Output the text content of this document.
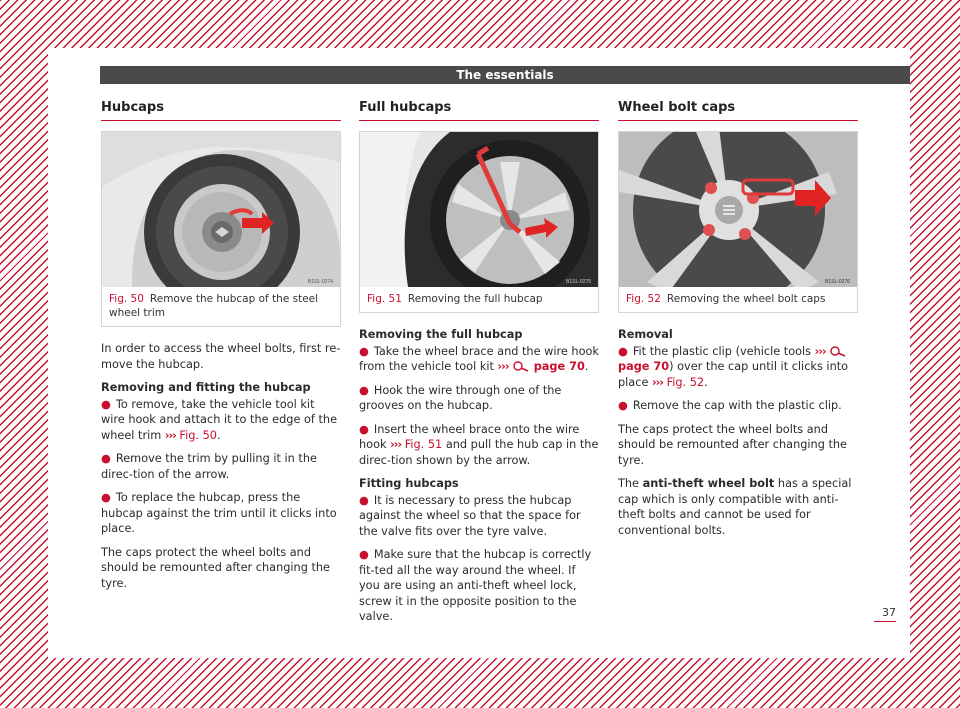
The essentials
Hubcaps
B1SL-0274
Fig. 50 Remove the hubcap of the steel wheel trim

In order to access the wheel bolts, first re-move the hubcap.

Removing and fitting the hubcap

● To remove, take the vehicle tool kit wire hook and attach it to the edge of the wheel trim ››› Fig. 50.

● Remove the trim by pulling it in the direc-tion of the arrow.

● To replace the hubcap, press the hubcap against the trim until it clicks into place.

The caps protect the wheel bolts and should be remounted after changing the tyre.

Full hubcaps
B1SL-0275
Fig. 51 Removing the full hubcap
Removing the full hubcap

● Take the wheel brace and the wire hook from the vehicle tool kit ››› page 70.

● Hook the wire through one of the grooves on the hubcap.

● Insert the wheel brace onto the wire hook ››› Fig. 51 and pull the hub cap in the direc-tion shown by the arrow.

Fitting hubcaps

● It is necessary to press the hubcap against the wheel so that the space for the valve fits over the tyre valve.

● Make sure that the hubcap is correctly fit-ted all the way around the wheel. If you are using an anti-theft wheel lock, screw it in the opposite position to the valve.

Wheel bolt caps
B1SL-0276
Fig. 52 Removing the wheel bolt caps
Removal

● Fit the plastic clip (vehicle tools ›››  page 70) over the cap until it clicks into place ››› Fig. 52.

● Remove the cap with the plastic clip.

The caps protect the wheel bolts and should be remounted after changing the tyre.

The anti-theft wheel bolt has a special cap which is only compatible with anti-theft bolts and cannot be used for conventional bolts.

37
